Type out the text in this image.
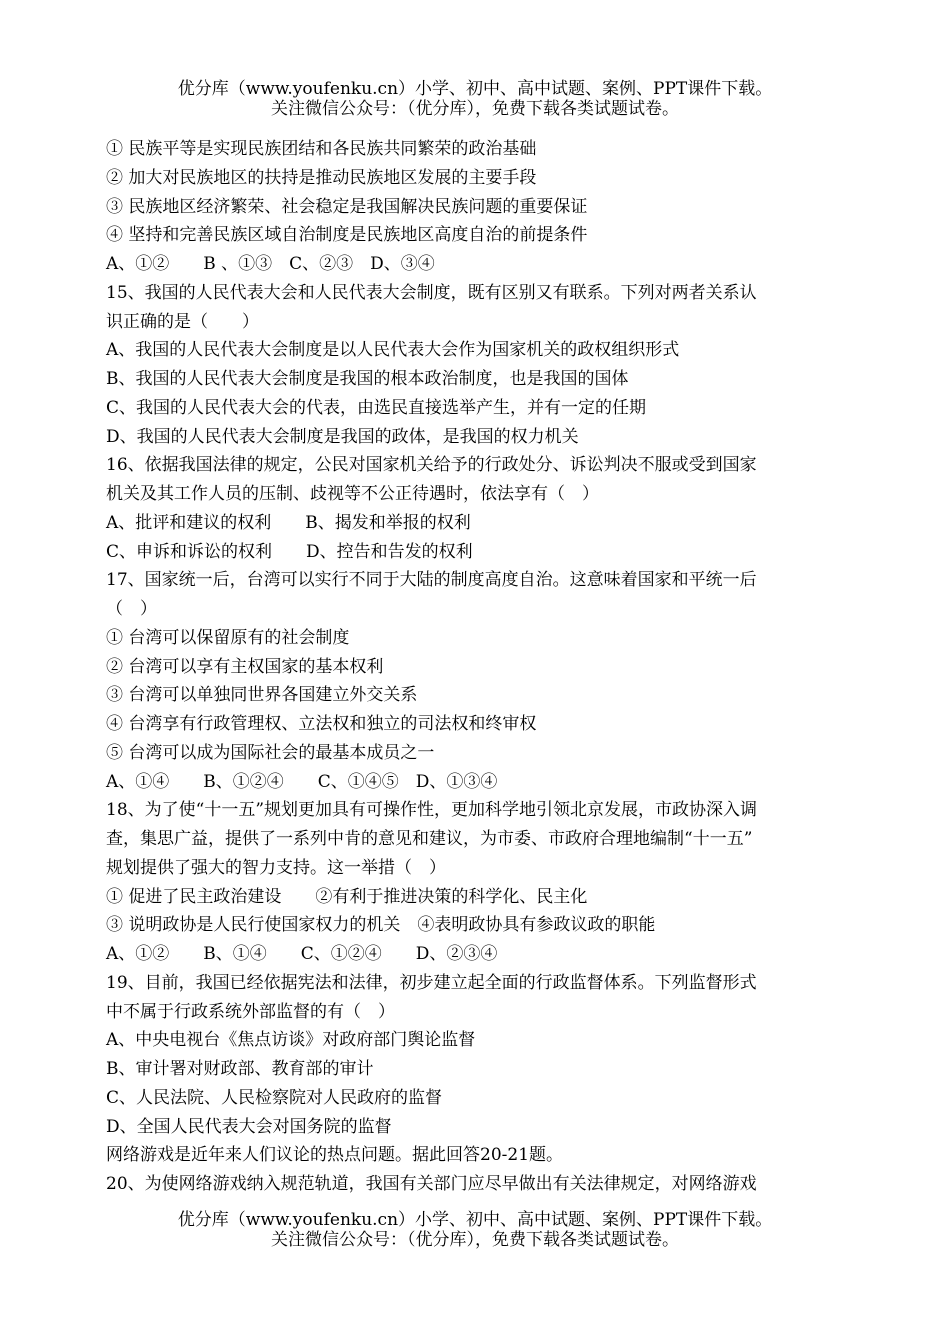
优分库（www.youfenku.cn）小学、初中、高中试题、案例、PPT课件下载。
关注微信公众号：（优分库），免费下载各类试题试卷。
① 民族平等是实现民族团结和各民族共同繁荣的政治基础
② 加大对民族地区的扶持是推动民族地区发展的主要手段
③ 民族地区经济繁荣、社会稳定是我国解决民族问题的重要保证
④ 坚持和完善民族区域自治制度是民族地区高度自治的前提条件
A、①②　　B 、①③　C、②③　D、③④
15、我国的人民代表大会和人民代表大会制度，既有区别又有联系。下列对两者关系认
识正确的是（　　）
A、我国的人民代表大会制度是以人民代表大会作为国家机关的政权组织形式
B、我国的人民代表大会制度是我国的根本政治制度，也是我国的国体
C、我国的人民代表大会的代表，由选民直接选举产生，并有一定的任期
D、我国的人民代表大会制度是我国的政体，是我国的权力机关
16、依据我国法律的规定，公民对国家机关给予的行政处分、诉讼判决不服或受到国家
机关及其工作人员的压制、歧视等不公正待遇时，依法享有（　）
A、批评和建议的权利　　B、揭发和举报的权利
C、申诉和诉讼的权利　　D、控告和告发的权利
17、国家统一后，台湾可以实行不同于大陆的制度高度自治。这意味着国家和平统一后
（　）
① 台湾可以保留原有的社会制度
② 台湾可以享有主权国家的基本权利
③ 台湾可以单独同世界各国建立外交关系
④ 台湾享有行政管理权、立法权和独立的司法权和终审权
⑤ 台湾可以成为国际社会的最基本成员之一
A、①④　　B、①②④　　C、①④⑤　D、①③④
18、为了使“十一五”规划更加具有可操作性，更加科学地引领北京发展，市政协深入调
查，集思广益，提供了一系列中肯的意见和建议，为市委、市政府合理地编制“十一五”
规划提供了强大的智力支持。这一举措（　）
① 促进了民主政治建设　　②有利于推进决策的科学化、民主化
③ 说明政协是人民行使国家权力的机关　④表明政协具有参政议政的职能
A、①②　　B、①④　　C、①②④　　D、②③④
19、目前，我国已经依据宪法和法律，初步建立起全面的行政监督体系。下列监督形式
中不属于行政系统外部监督的有（　）
A、中央电视台《焦点访谈》对政府部门舆论监督
B、审计署对财政部、教育部的审计
C、人民法院、人民检察院对人民政府的监督
D、全国人民代表大会对国务院的监督
网络游戏是近年来人们议论的热点问题。据此回答20-21题。
20、为使网络游戏纳入规范轨道，我国有关部门应尽早做出有关法律规定，对网络游戏
优分库（www.youfenku.cn）小学、初中、高中试题、案例、PPT课件下载。
关注微信公众号：（优分库），免费下载各类试题试卷。
